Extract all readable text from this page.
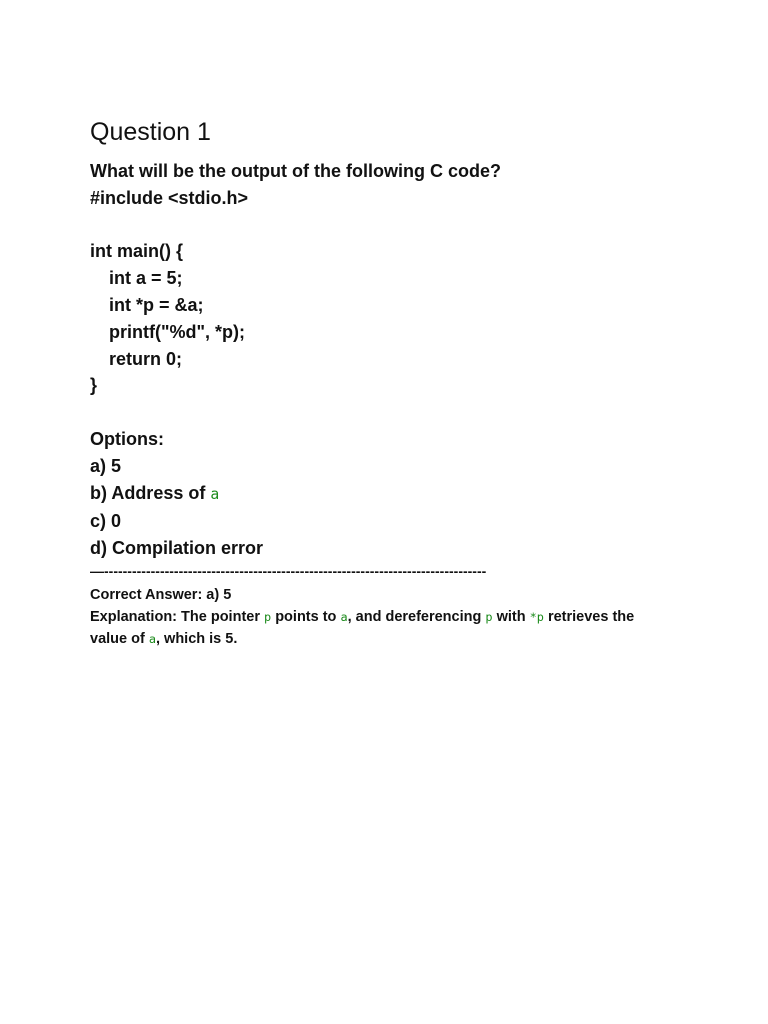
Question 1
What will be the output of the following C code?
#include <stdio.h>
int main() {
int a = 5;
int *p = &a;
printf("%d", *p);
return 0;
}
Options:
a) 5
b) Address of a
c) 0
d) Compilation error
—----------------------------------------------------------------------------------
Correct Answer: a) 5
Explanation: The pointer p points to a, and dereferencing p with *p retrieves the value of a, which is 5.
